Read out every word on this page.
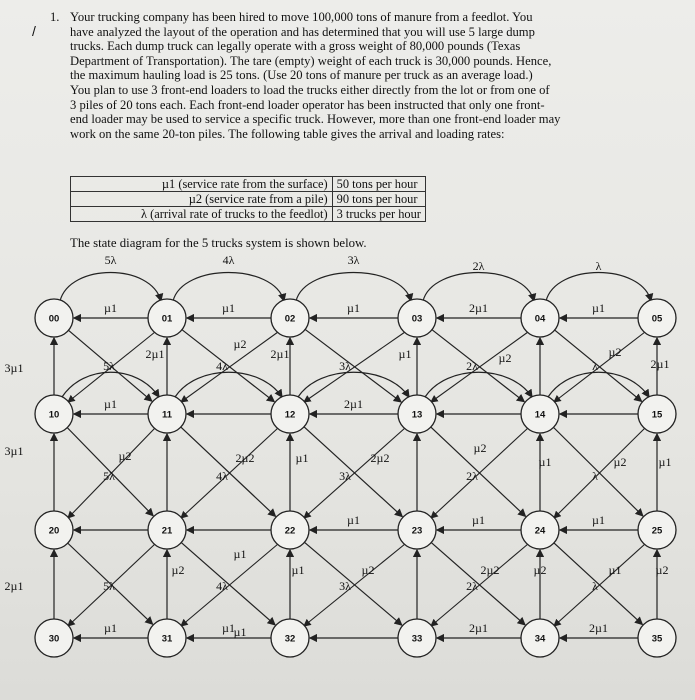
1.
/

Your trucking company has been hired to move 100,000 tons of manure from a feedlot. You

have analyzed the layout of the operation and has determined that you will use 5 large dump

trucks. Each dump truck can legally operate with a gross weight of 80,000 pounds (Texas

Department of Transportation). The tare (empty) weight of each truck is 30,000 pounds. Hence,

the maximum hauling load is 25 tons. (Use 20 tons of manure per truck as an average load.)

You plan to use 3 front-end loaders to load the trucks either directly from the lot or from one of

3 piles of 20 tons each. Each front-end loader operator has been instructed that only one front-

end loader may be used to service a specific truck. However, more than one front-end loader may

work on the same 20-ton piles. The following table gives the arrival and loading rates:

µ1 (service rate from the surface)	50 tons per hour
µ2 (service rate from a pile)	90 tons per hour
λ (arrival rate of trucks to the feedlot)	3 trucks per hour
The state diagram for the 5 trucks system is shown below.
00	01	02	03	04	05
10	11	12	13	14	15
20	21	22	23	24	25
30	31	32	33	34	35
5λ	4λ	3λ	2λ	λ
µ1	µ1	µ1	2µ1	µ1
µ1	2µ1
µ1	µ1	µ1
µ1	µ1	2µ1	2µ1
3µ1
3µ1
2µ1
5λ
5λ
5λ
4λ
4λ
4λ
3λ
3λ
3λ
2λ
2λ
2λ
λ
λ
λ
2µ1
µ2
2µ1	µ1	µ2	µ2
2µ1
µ2	2µ2	µ1	2µ2
µ2
µ1	µ2	µ1
µ2
µ1
µ1	µ2	2µ2	µ2	µ1	µ2
µ1
